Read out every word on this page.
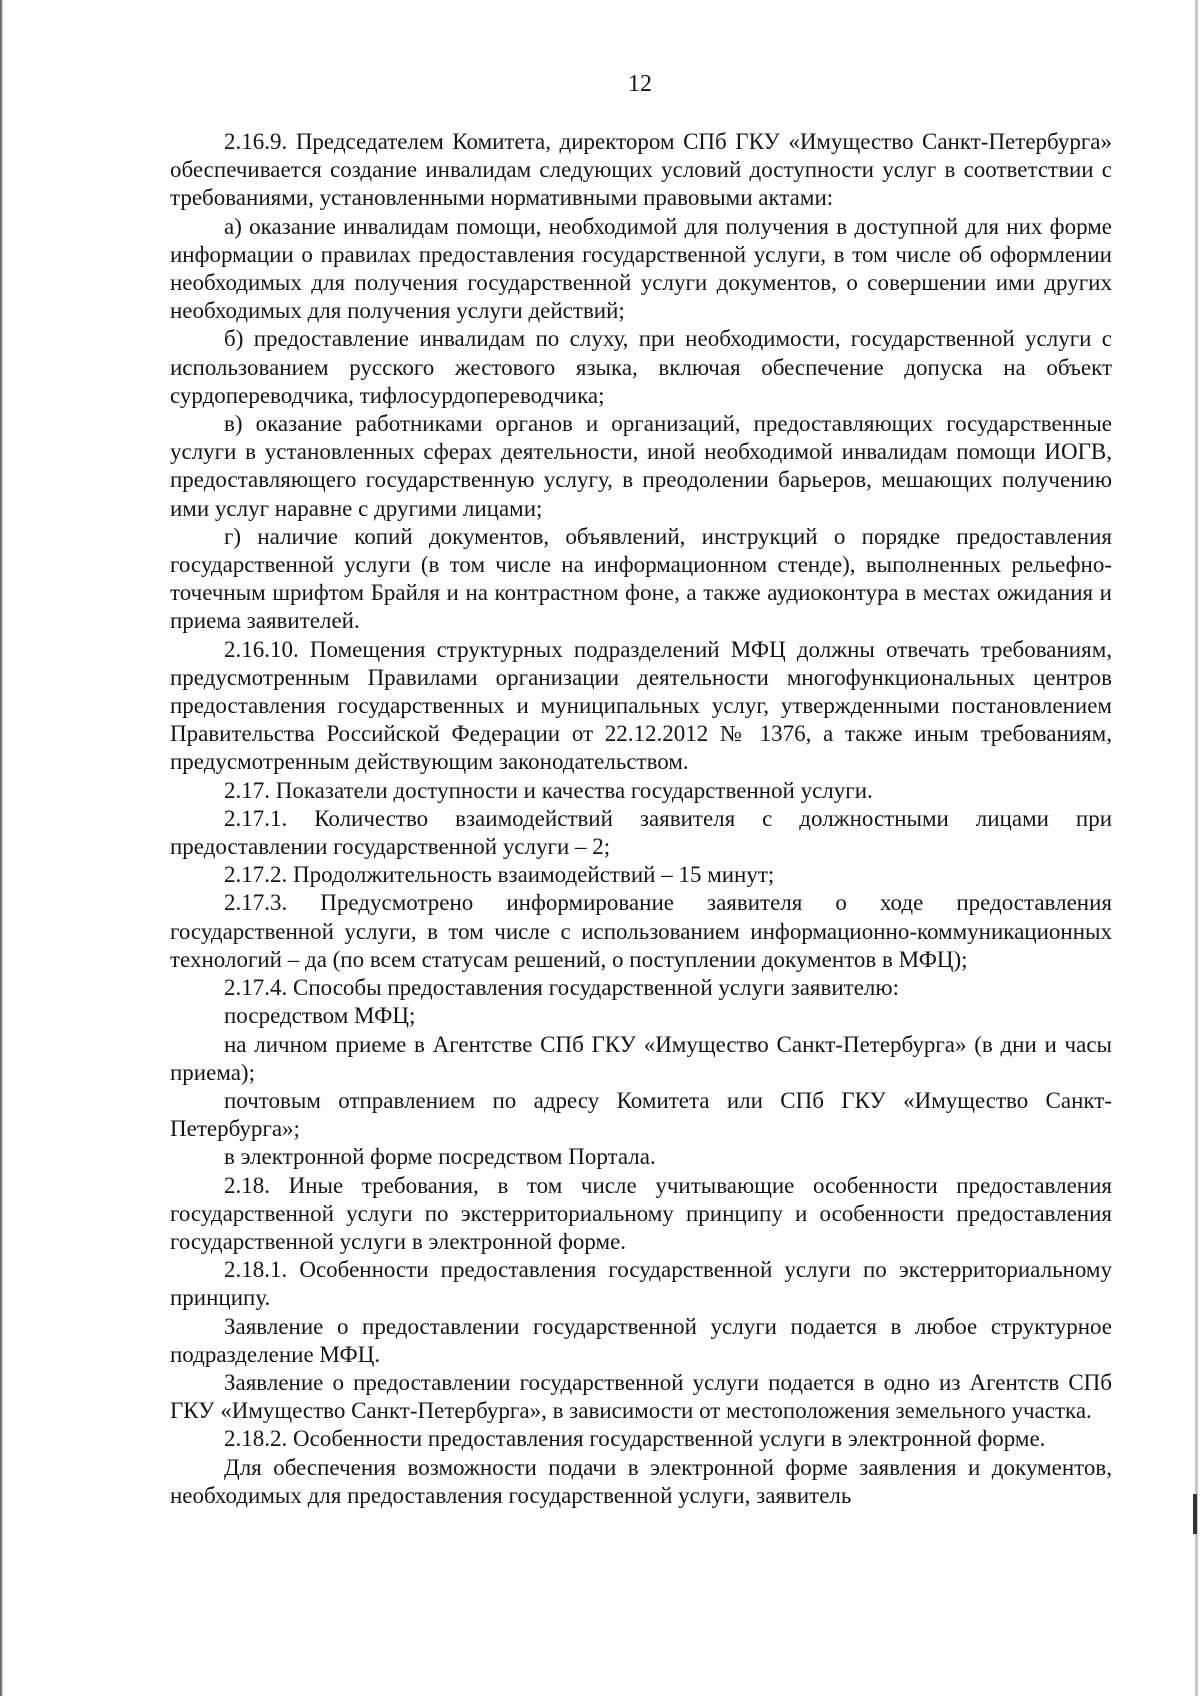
12

2.16.9. Председателем Комитета, директором СПб ГКУ «Имущество Санкт-Петербурга» обеспечивается создание инвалидам следующих условий доступности услуг в соответствии с требованиями, установленными нормативными правовыми актами:

а) оказание инвалидам помощи, необходимой для получения в доступной для них форме информации о правилах предоставления государственной услуги, в том числе об оформлении необходимых для получения государственной услуги документов, о совершении ими других необходимых для получения услуги действий;

б) предоставление инвалидам по слуху, при необходимости, государственной услуги с использованием русского жестового языка, включая обеспечение допуска на объект сурдопереводчика, тифлосурдопереводчика;

в) оказание работниками органов и организаций, предоставляющих государственные услуги в установленных сферах деятельности, иной необходимой инвалидам помощи ИОГВ, предоставляющего государственную услугу, в преодолении барьеров, мешающих получению ими услуг наравне с другими лицами;

г) наличие копий документов, объявлений, инструкций о порядке предоставления государственной услуги (в том числе на информационном стенде), выполненных рельефно-точечным шрифтом Брайля и на контрастном фоне, а также аудиоконтура в местах ожидания и приема заявителей.

2.16.10. Помещения структурных подразделений МФЦ должны отвечать требованиям, предусмотренным Правилами организации деятельности многофункциональных центров предоставления государственных и муниципальных услуг, утвержденными постановлением Правительства Российской Федерации от 22.12.2012 № 1376, а также иным требованиям, предусмотренным действующим законодательством.

2.17. Показатели доступности и качества государственной услуги.

2.17.1. Количество взаимодействий заявителя с должностными лицами при предоставлении государственной услуги – 2;

2.17.2. Продолжительность взаимодействий – 15 минут;

2.17.3. Предусмотрено информирование заявителя о ходе предоставления государственной услуги, в том числе с использованием информационно-коммуникационных технологий – да (по всем статусам решений, о поступлении документов в МФЦ);

2.17.4. Способы предоставления государственной услуги заявителю:

посредством МФЦ;

на личном приеме в Агентстве СПб ГКУ «Имущество Санкт-Петербурга» (в дни и часы приема);

почтовым отправлением по адресу Комитета или СПб ГКУ «Имущество Санкт-Петербурга»;

в электронной форме посредством Портала.

2.18. Иные требования, в том числе учитывающие особенности предоставления государственной услуги по экстерриториальному принципу и особенности предоставления государственной услуги в электронной форме.

2.18.1. Особенности предоставления государственной услуги по экстерриториальному принципу.

Заявление о предоставлении государственной услуги подается в любое структурное подразделение МФЦ.

Заявление о предоставлении государственной услуги подается в одно из Агентств СПб ГКУ «Имущество Санкт-Петербурга», в зависимости от местоположения земельного участка.

2.18.2. Особенности предоставления государственной услуги в электронной форме.

Для обеспечения возможности подачи в электронной форме заявления и документов, необходимых для предоставления государственной услуги, заявитель
